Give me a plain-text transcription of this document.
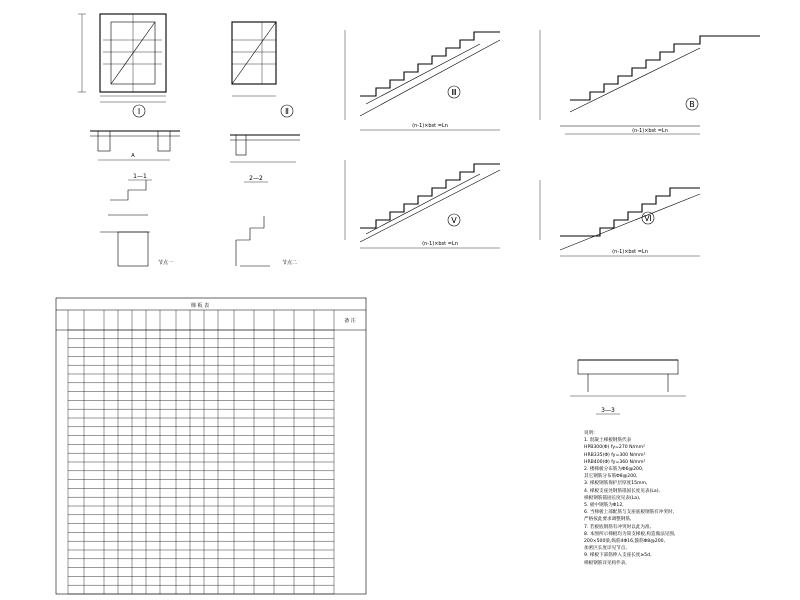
Ⅰ
A
1—1
节点一
Ⅱ
2—2
节点二
Ⅲ
(n-1)×bst =Ln
Ⅴ
(n-1)×bst =Ln
B
(n-1)×bst =Ln
Ⅵ
(n-1)×bst =Ln
3—3
梯 板 表
备 注
说明:
1. 混凝土梯板钢筋代表
HPB300(Φ) fy=270 N/mm²
HRB335(Φ) fy=300 N/mm²
HRB400(Φ) fy=360 N/mm²
2. 楼梯板分布筋为Φ6@200,
其它钢筋分布筋Φ8@200,
3. 梯板钢筋保护层厚度15mm,
4. 梯板支座处钢筋锚固长度见表(La),
梯板钢筋锚固长度见表(La),
5. 板中钢筋为Φ12,
6. 当梯板上部配筋与支座底板钢筋有冲突时,
严格按此要求调整钢筋,
7. 若板底钢筋有冲突时以此为准,
8. 本图所示梯板均为简支梯板,构造做法见图,
200×500梁,纵筋4Φ16,箍筋Φ8@200,
加密区长度详见节点,
9. 梯板下部筋伸入支座长度≥5d,
梯板钢筋详见构件表,
